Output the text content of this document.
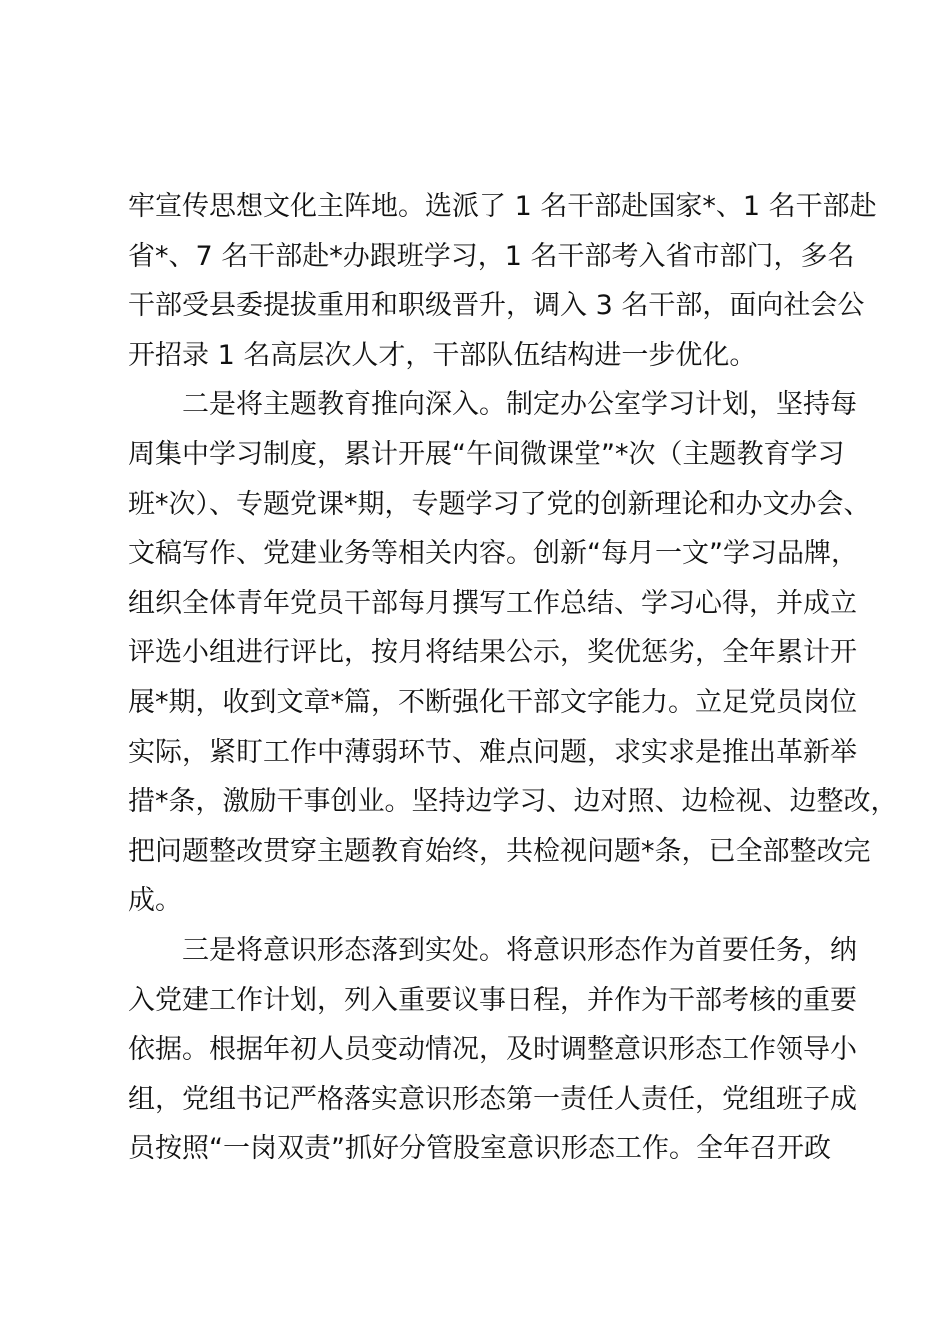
牢宣传思想文化主阵地。选派了 1 名干部赴国家*、1 名干部赴
省*、7 名干部赴*办跟班学习，1 名干部考入省市部门，多名
干部受县委提拔重用和职级晋升，调入 3 名干部，面向社会公
开招录 1 名高层次人才，干部队伍结构进一步优化。
二是将主题教育推向深入。制定办公室学习计划，坚持每
周集中学习制度，累计开展“午间微课堂”*次（主题教育学习
班*次）、专题党课*期，专题学习了党的创新理论和办文办会、
文稿写作、党建业务等相关内容。创新“每月一文”学习品牌，
组织全体青年党员干部每月撰写工作总结、学习心得，并成立
评选小组进行评比，按月将结果公示，奖优惩劣，全年累计开
展*期，收到文章*篇，不断强化干部文字能力。立足党员岗位
实际，紧盯工作中薄弱环节、难点问题，求实求是推出革新举
措*条，激励干事创业。坚持边学习、边对照、边检视、边整改，
把问题整改贯穿主题教育始终，共检视问题*条，已全部整改完
成。
三是将意识形态落到实处。将意识形态作为首要任务，纳
入党建工作计划，列入重要议事日程，并作为干部考核的重要
依据。根据年初人员变动情况，及时调整意识形态工作领导小
组，党组书记严格落实意识形态第一责任人责任，党组班子成
员按照“一岗双责”抓好分管股室意识形态工作。全年召开政
